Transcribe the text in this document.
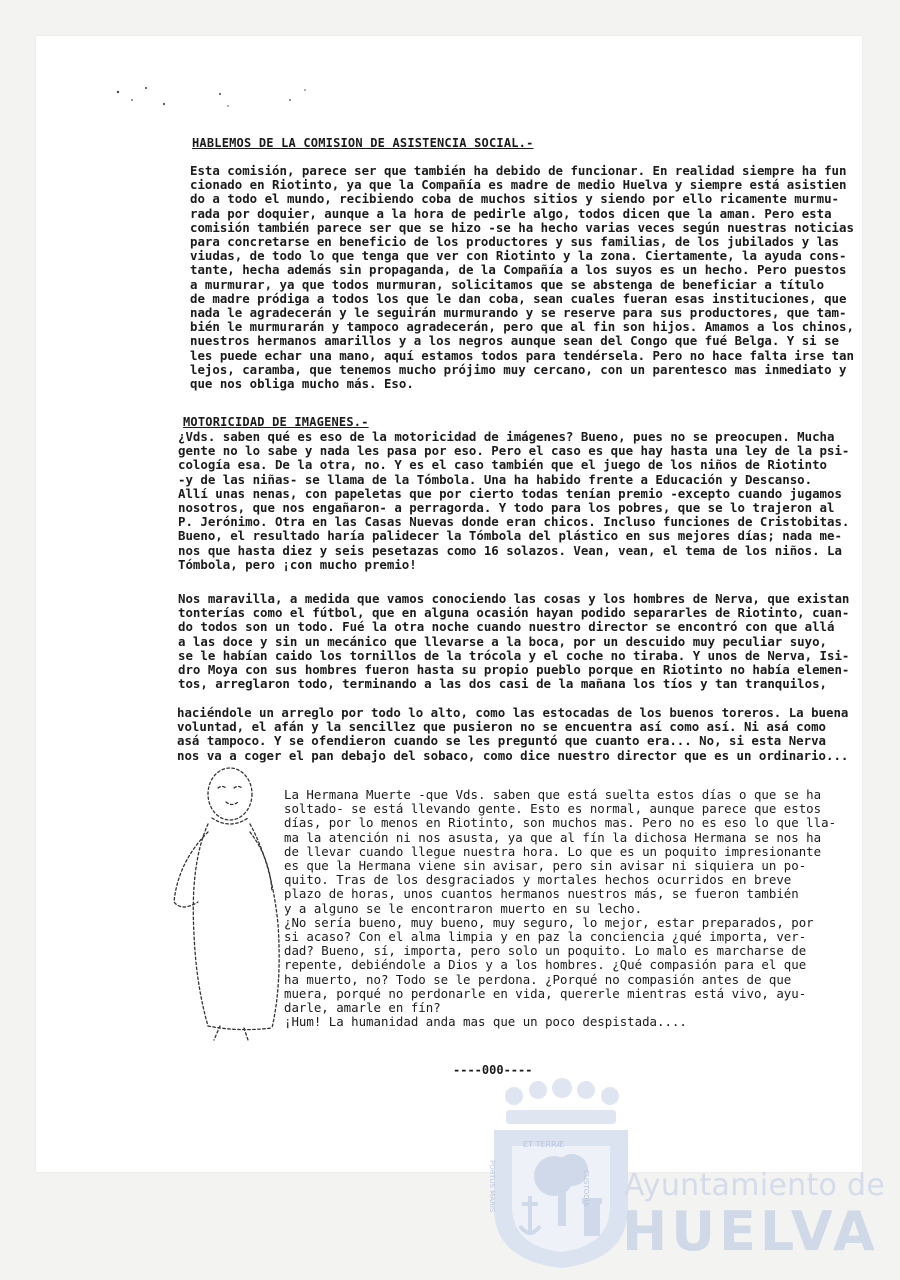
HABLEMOS DE LA COMISION DE ASISTENCIA SOCIAL.-
Esta comisión, parece ser que también ha debido de funcionar. En realidad siempre ha fun
cionado en Riotinto, ya que la Compañía es madre de medio Huelva y siempre está asistien
do a todo el mundo, recibiendo coba de muchos sitios y siendo por ello ricamente murmu-
rada por doquier, aunque a la hora de pedirle algo, todos dicen que la aman. Pero esta
comisión también parece ser que se hizo -se ha hecho varias veces según nuestras noticias
para concretarse en beneficio de los productores y sus familias, de los jubilados y las
viudas, de todo lo que tenga que ver con Riotinto y la zona. Ciertamente, la ayuda cons-
tante, hecha además sin propaganda, de la Compañía a los suyos es un hecho. Pero puestos
a murmurar, ya que todos murmuran, solicitamos que se abstenga de beneficiar a título
de madre pródiga a todos los que le dan coba, sean cuales fueran esas instituciones, que
nada le agradecerán y le seguirán murmurando y se reserve para sus productores, que tam-
bién le murmurarán y tampoco agradecerán, pero que al fin son hijos. Amamos a los chinos,
nuestros hermanos amarillos y a los negros aunque sean del Congo que fué Belga. Y si se
les puede echar una mano, aquí estamos todos para tendérsela. Pero no hace falta irse tan
lejos, caramba, que tenemos mucho prójimo muy cercano, con un parentesco mas inmediato y
que nos obliga mucho más. Eso.
MOTORICIDAD DE IMAGENES.-
¿Vds. saben qué es eso de la motoricidad de imágenes? Bueno, pues no se preocupen. Mucha
gente no lo sabe y nada les pasa por eso. Pero el caso es que hay hasta una ley de la psi-
cología esa. De la otra, no. Y es el caso también que el juego de los niños de Riotinto
-y de las niñas- se llama de la Tómbola. Una ha habido frente a Educación y Descanso.
Allí unas nenas, con papeletas que por cierto todas tenían premio -excepto cuando jugamos
nosotros, que nos engañaron- a perragorda. Y todo para los pobres, que se lo trajeron al
P. Jerónimo. Otra en las Casas Nuevas donde eran chicos. Incluso funciones de Cristobitas.
Bueno, el resultado haría palidecer la Tómbola del plástico en sus mejores días; nada me-
nos que hasta diez y seis pesetazas como 16 solazos. Vean, vean, el tema de los niños. La
Tómbola, pero ¡con mucho premio!
Nos maravilla, a medida que vamos conociendo las cosas y los hombres de Nerva, que existan
tonterías como el fútbol, que en alguna ocasión hayan podido separarles de Riotinto, cuan-
do todos son un todo. Fué la otra noche cuando nuestro director se encontró con que allá
a las doce y sin un mecánico que llevarse a la boca, por un descuido muy peculiar suyo,
se le habían caido los tornillos de la trócola y el coche no tiraba. Y unos de Nerva, Isi-
dro Moya con sus hombres fueron hasta su propio pueblo porque en Riotinto no había elemen-
tos, arreglaron todo, terminando a las dos casi de la mañana los tíos y tan tranquilos,
haciéndole un arreglo por todo lo alto, como las estocadas de los buenos toreros. La buena
voluntad, el afán y la sencillez que pusieron no se encuentra así como así. Ni asá como
asá tampoco. Y se ofendieron cuando se les preguntó que cuanto era... No, si esta Nerva
nos va a coger el pan debajo del sobaco, como dice nuestro director que es un ordinario...
La Hermana Muerte -que Vds. saben que está suelta estos días o que se ha
soltado- se está llevando gente. Esto es normal, aunque parece que estos
días, por lo menos en Riotinto, son muchos mas. Pero no es eso lo que lla-
ma la atención ni nos asusta, ya que al fín la dichosa Hermana se nos ha
de llevar cuando llegue nuestra hora. Lo que es un poquito impresionante
es que la Hermana viene sin avisar, pero sin avisar ni siquiera un po-
quito. Tras de los desgraciados y mortales hechos ocurridos en breve
plazo de horas, unos cuantos hermanos nuestros más, se fueron también
y a alguno se le encontraron muerto en su lecho.
¿No sería bueno, muy bueno, muy seguro, lo mejor, estar preparados, por
si acaso? Con el alma limpia y en paz la conciencia ¿qué importa, ver-
dad? Bueno, sí, importa, pero solo un poquito. Lo malo es marcharse de
repente, debiéndole a Dios y a los hombres. ¿Qué compasión para el que
ha muerto, no? Todo se le perdona. ¿Porqué no compasión antes de que
muera, porqué no perdonarle en vida, quererle mientras está vivo, ayu-
darle, amarle en fín?
¡Hum! La humanidad anda mas que un poco despistada....
----000----
ET TERRÆ
Ayuntamiento de
HUELVA
PORTUS MARIS	CUSTODIA
